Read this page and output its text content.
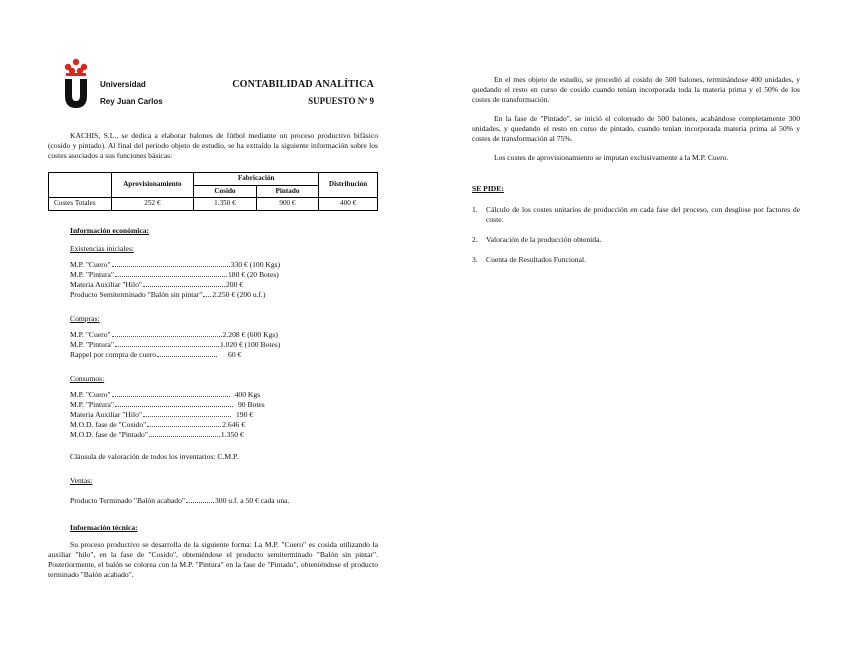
Universidad
Rey Juan Carlos
CONTABILIDAD ANALÍTICA
SUPUESTO Nº 9

KACHIS, S.L., se dedica a elaborar balones de fútbol mediante un proceso productivo bifásico (cosido y pintado). Al final del período objeto de estudio, se ha extraído la siguiente información sobre los costes asociados a sus funciones básicas:

	Aprovisionamiento	Fabricación		Distribución
		Cosido	Pintado	
Costes Totales	252 €	1.350 €	900 €	400 €
Información económica:
Existencias iniciales:
M.P. "Cuero"	330 € (100 Kgs)
M.P. "Pintura"	180 € (20 Botes)
Materia Auxiliar "Hilo"	200 €
Producto Semiterminado "Balón sin pintar" 2.250 € (200 u.f.)
Compras:
M.P. "Cuero"	2.208 € (600 Kgs)
M.P. "Pintura"	1.020 € (100 Botes)
Rappel por compra de cuero	60 €
Consumos:
M.P. "Cuero"	400 Kgs
M.P. "Pintura"	90 Botes
Materia Auxiliar "Hilo"	190 €
M.O.D. fase de "Cosido"	2.646 €
M.O.D. fase de "Pintado"	1.350 €
Cláusula de valoración de todos los inventarios: C.M.P.
Ventas:
Producto Terminado "Balón acabado"	300 u.f. a 50 € cada una.
Información técnica:

Su proceso productivo se desarrolla de la siguiente forma: La M.P. "Cuero" es cosida utilizando la auxiliar "hilo", en la fase de "Cosido", obteniéndose el producto semiterminado "Balón sin pintar". Posteriormente, el balón se colorea con la M.P. "Pintura" en la fase de "Pintado", obteniéndose el producto terminado "Balón acabado".

En el mes objeto de estudio, se procedió al cosido de 500 balones, terminándose 400 unidades, y quedando el resto en curso de cosido cuando tenían incorporada toda la materia prima y el 50% de los costes de transformación.

En la fase de "Pintado", se inició el coloreado de 500 balones, acabándose completamente 300 unidades, y quedando el resto en curso de pintado, cuando tenían incorporada materia prima al 50% y costes de transformación al 75%.

Los costes de aprovisionamiento se imputan exclusivamente a la M.P. Cuero.

SE PIDE:
1.	Cálculo de los costes unitarios de producción en cada fase del proceso, con desglose por factores de coste.
2.	Valoración de la producción obtenida.
3.	Cuenta de Resultados Funcional.
